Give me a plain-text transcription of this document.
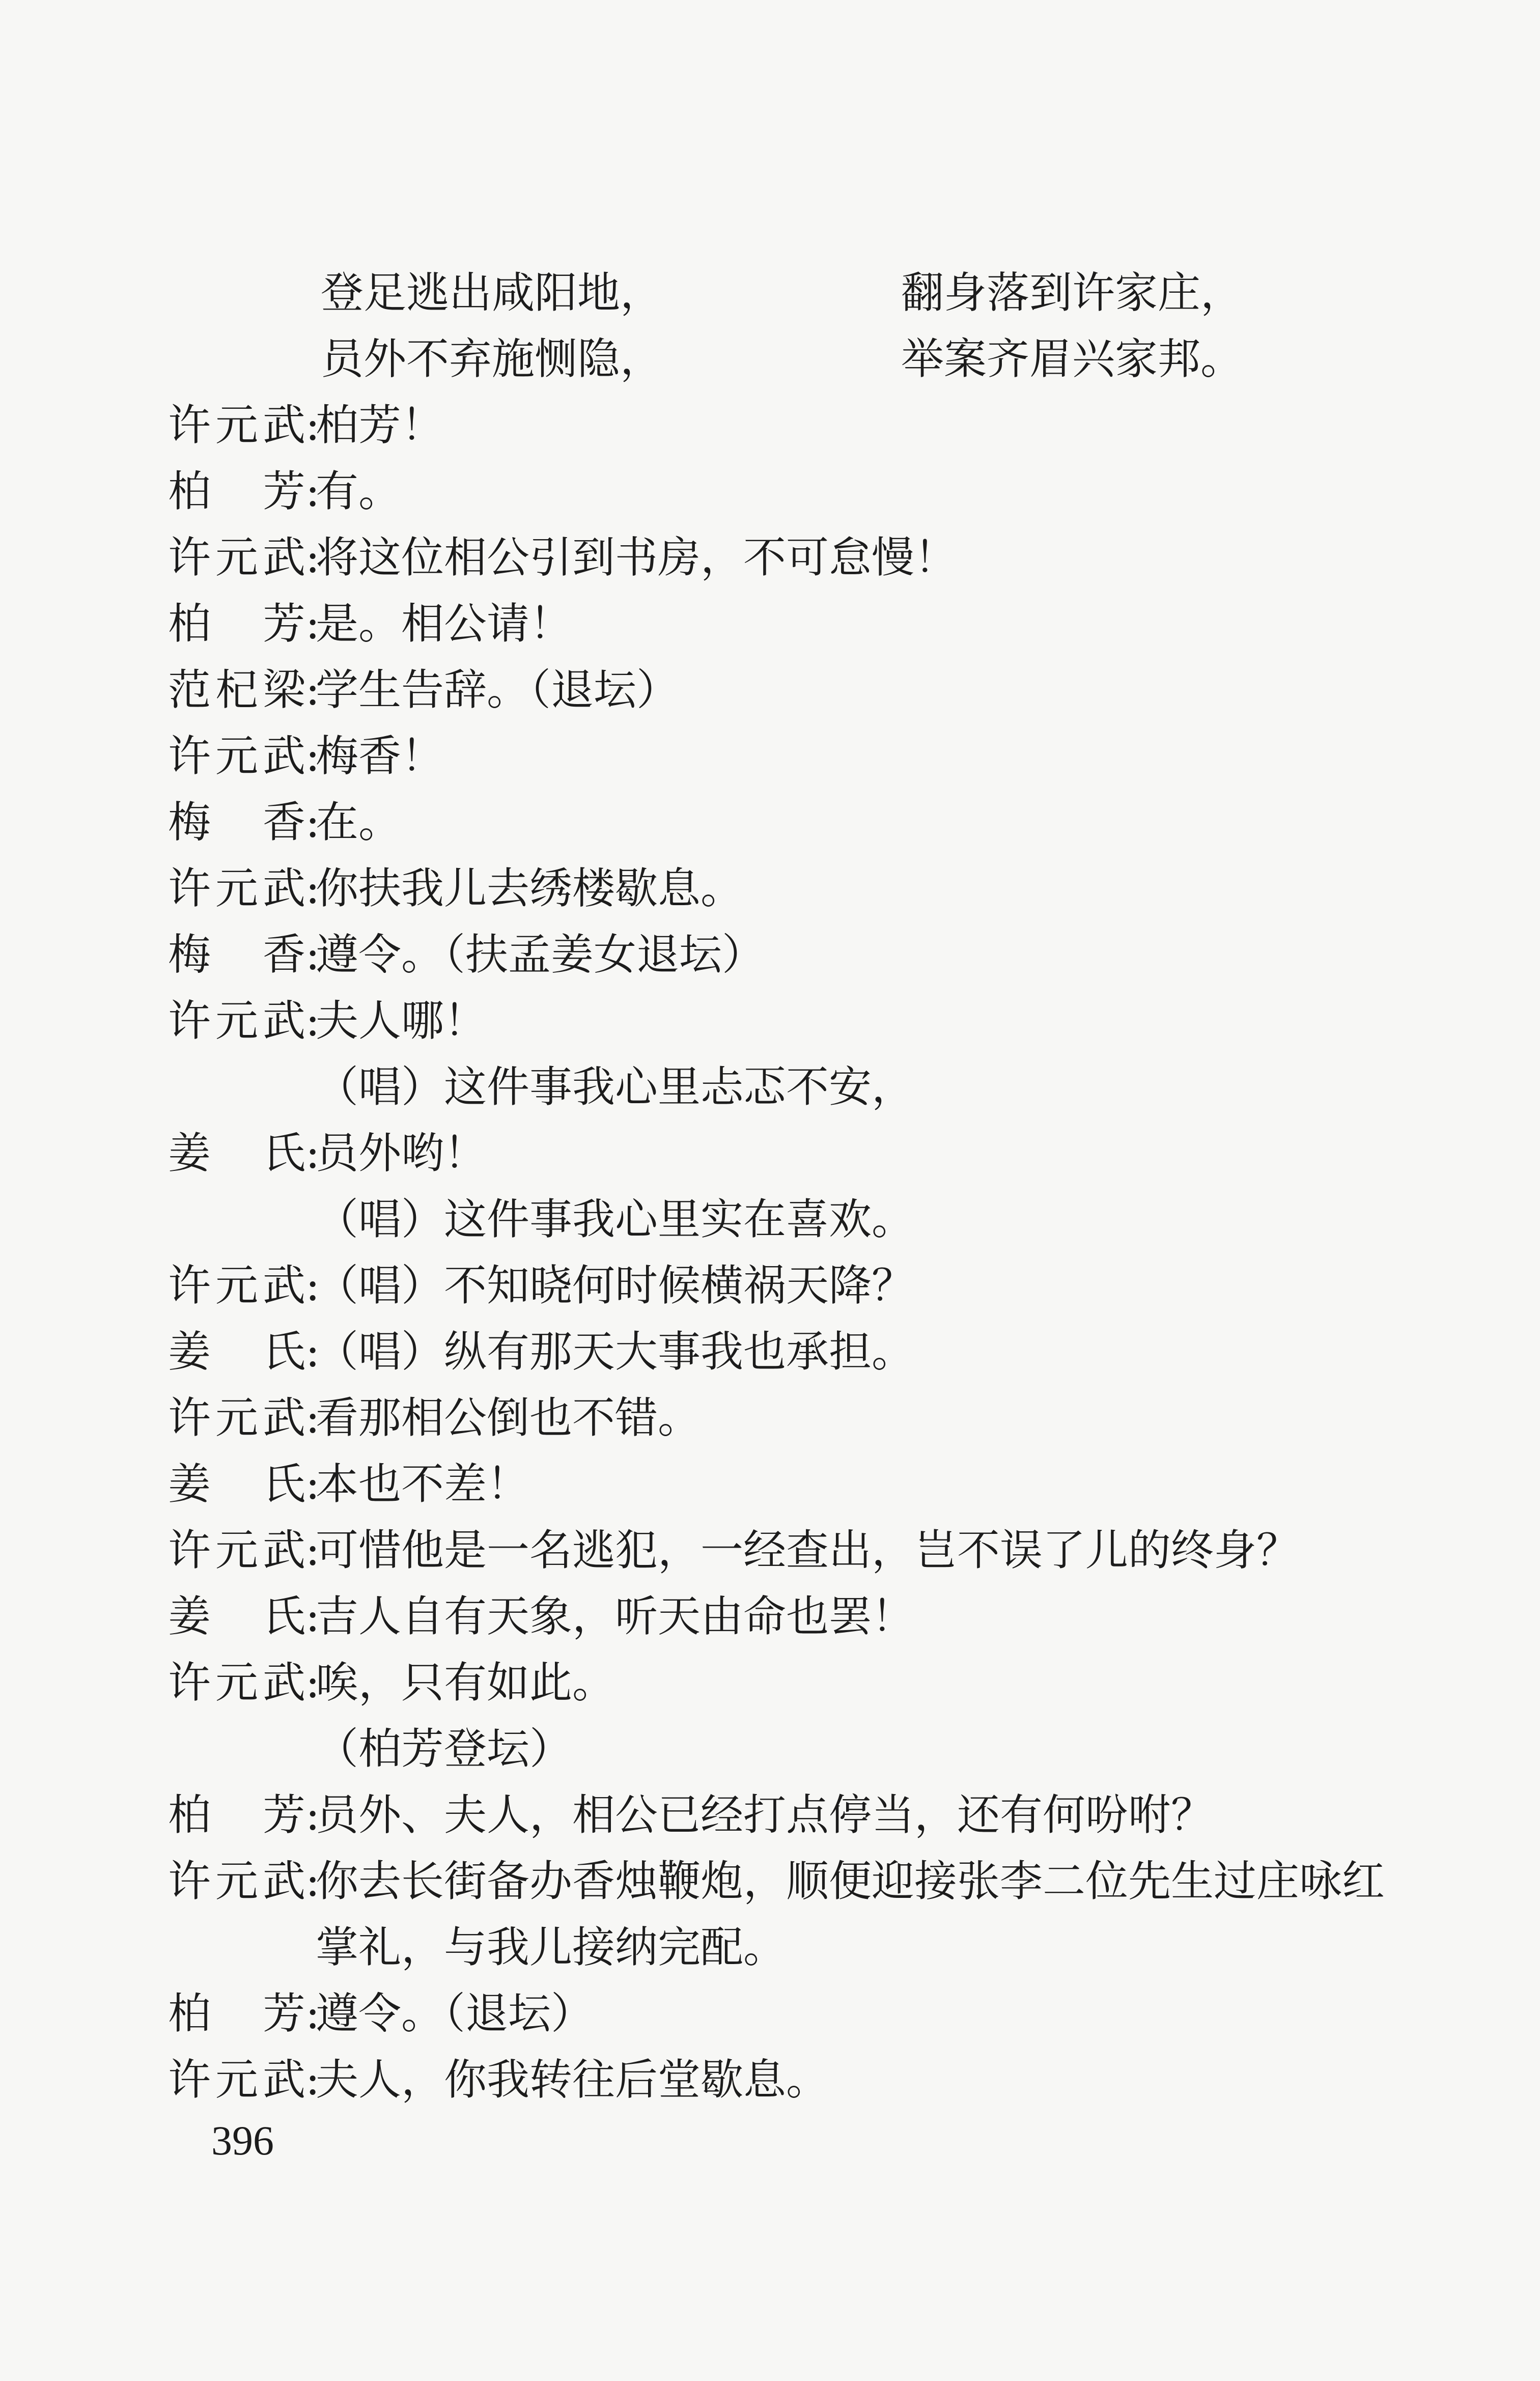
登足逃出咸阳地，	翻身落到许家庄，
员外不弃施恻隐，	举案齐眉兴家邦。
许元武:柏芳！
柏芳:有。
许元武:将这位相公引到书房，不可怠慢！
柏芳:是。相公请！
范杞梁:学生告辞。（退坛）
许元武:梅香！
梅香:在。
许元武:你扶我儿去绣楼歇息。
梅香:遵令。（扶孟姜女退坛）
许元武:夫人哪！
（唱）这件事我心里忐忑不安，
姜氏:员外哟！
（唱）这件事我心里实在喜欢。
许元武:（唱）不知晓何时候横祸天降？
姜氏:（唱）纵有那天大事我也承担。
许元武:看那相公倒也不错。
姜氏:本也不差！
许元武:可惜他是一名逃犯，一经查出，岂不误了儿的终身？
姜氏:吉人自有天象，听天由命也罢！
许元武:唉，只有如此。
（柏芳登坛）
柏芳:员外、夫人，相公已经打点停当，还有何吩咐？
许元武:你去长街备办香烛鞭炮，顺便迎接张李二位先生过庄咏红
掌礼，与我儿接纳完配。
柏芳:遵令。（退坛）
许元武:夫人，你我转往后堂歇息。
396
